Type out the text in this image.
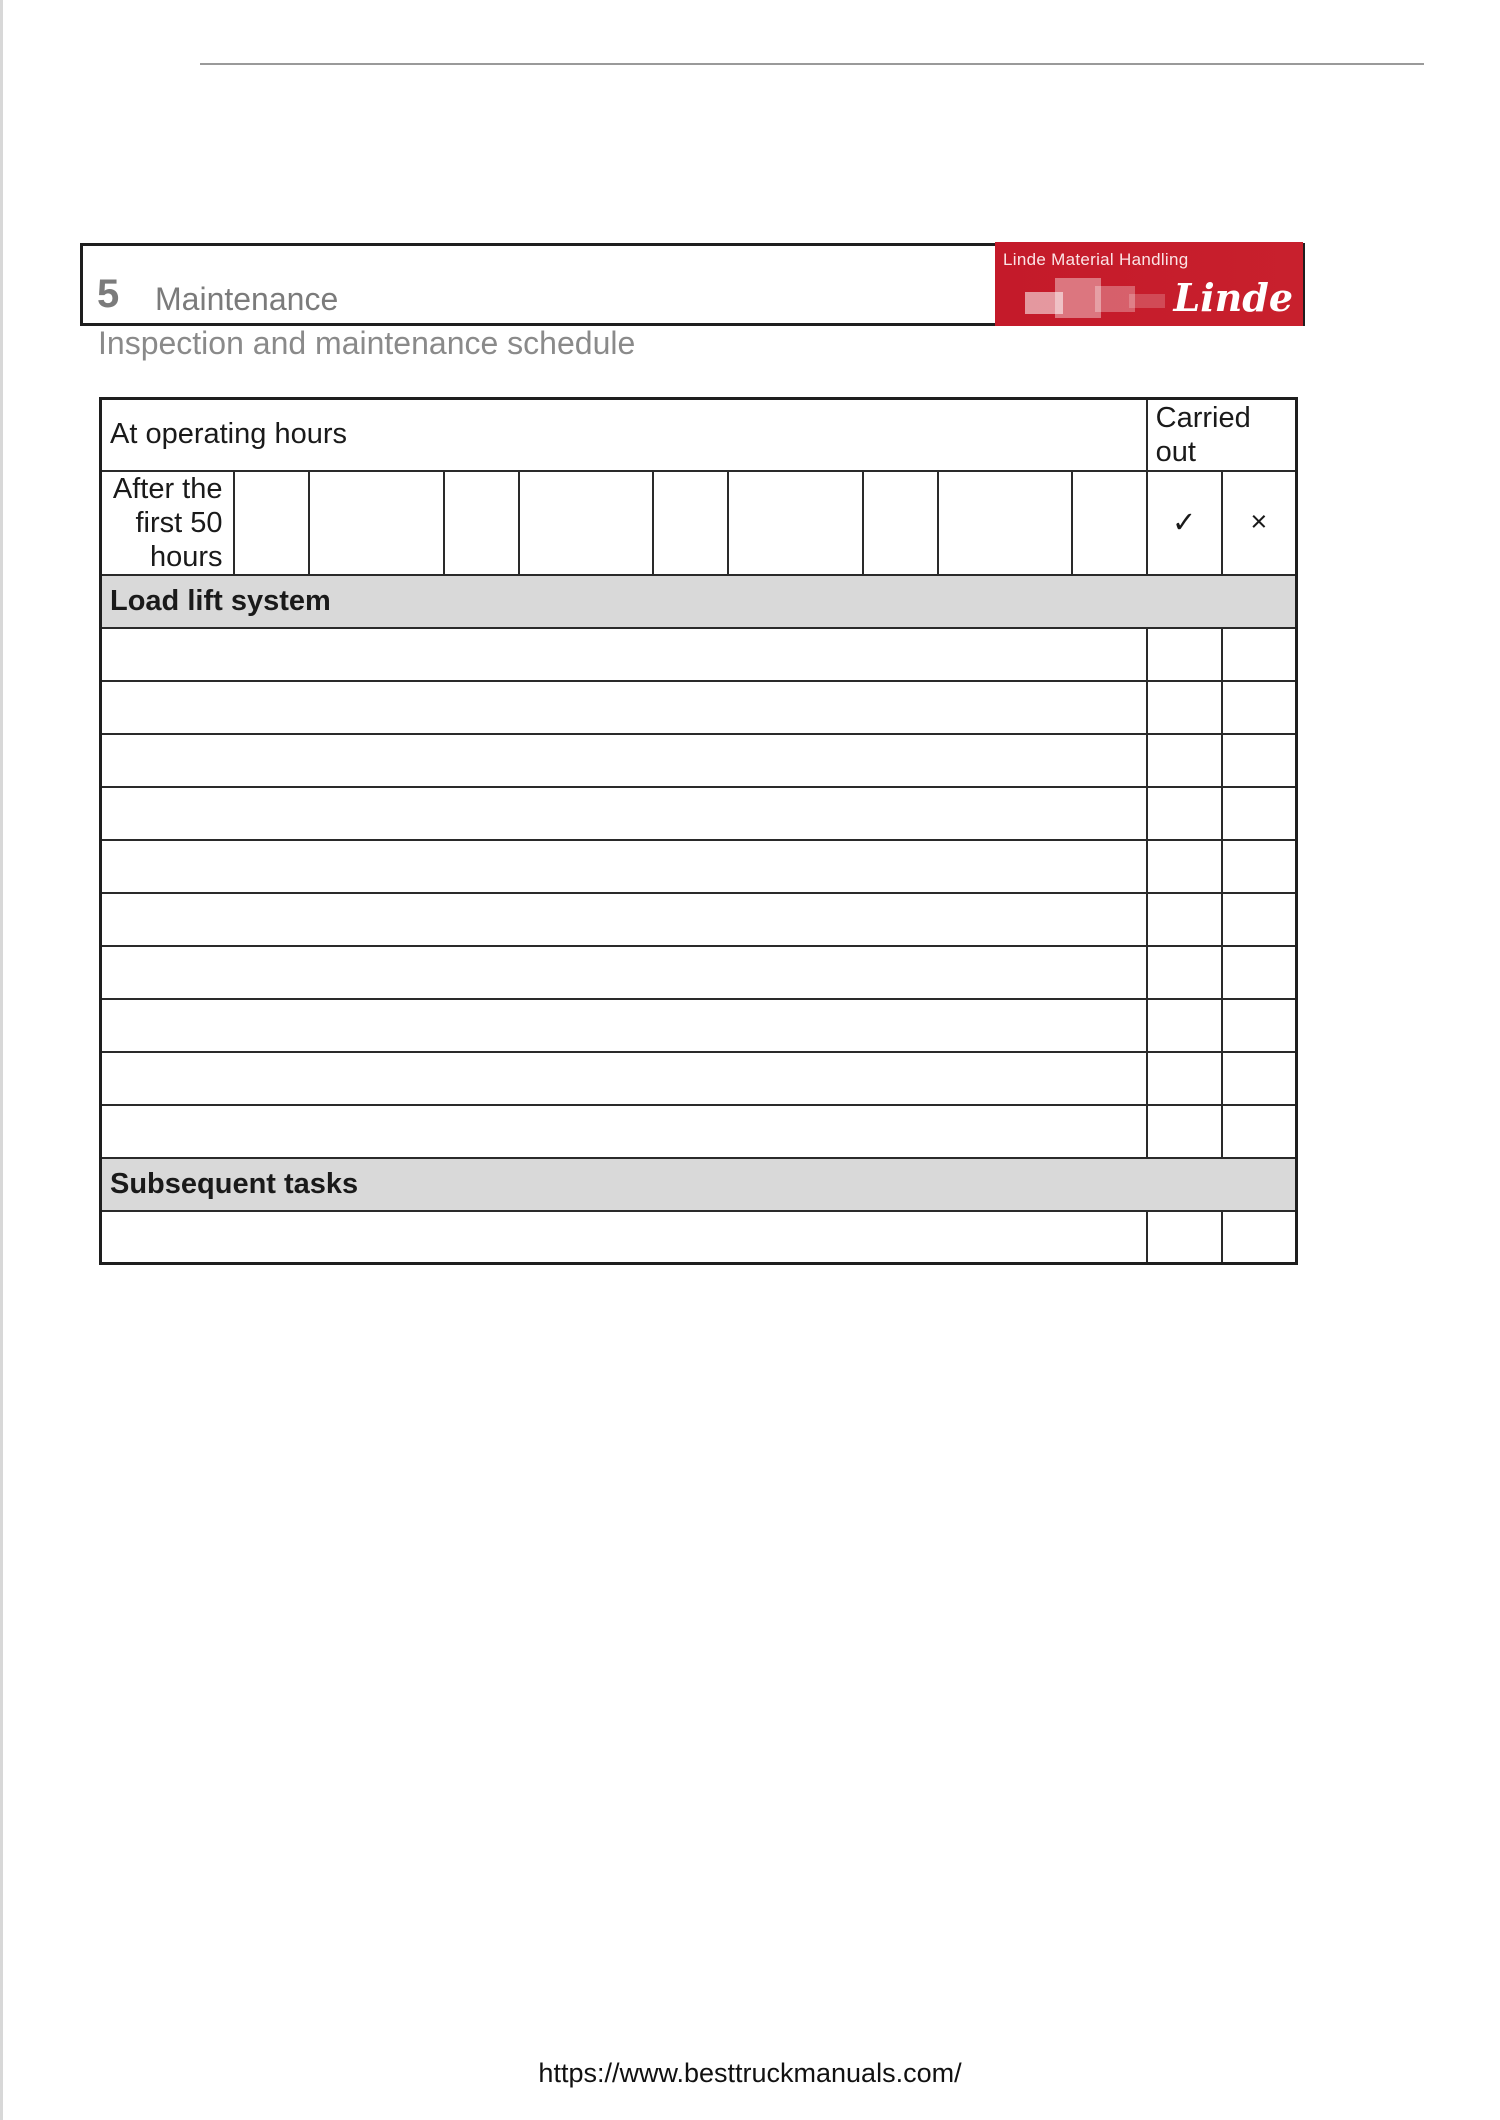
5 Maintenance
Inspection and maintenance schedule
Linde Material Handling
Linde
At operating hours										Carried
out	
After the
first 50
hours										✓	×
Load lift system											

Subsequent tasks											

https://www.besttruckmanuals.com/
